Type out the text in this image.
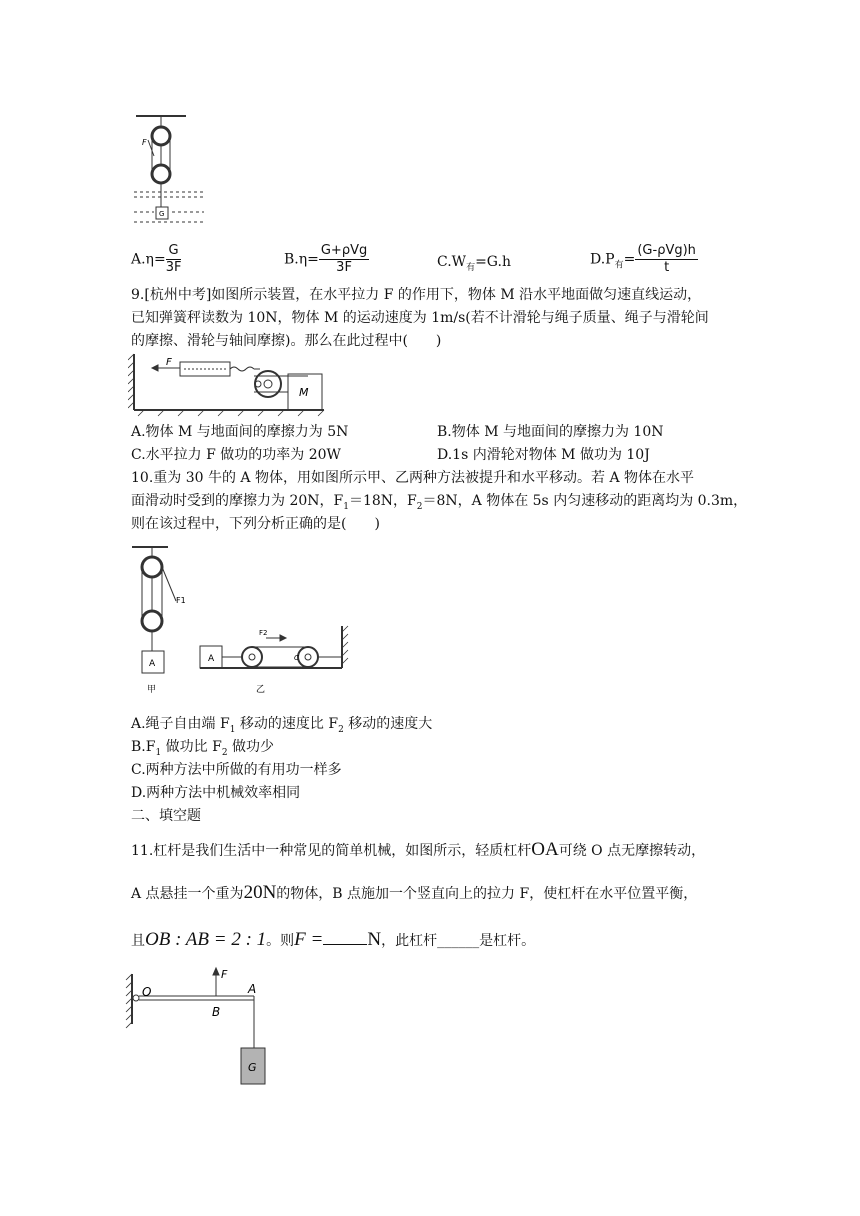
F
G
$A.\eta= \frac{G}{3F}$	$B.\eta= \frac{\text{G+ρVg}}{3F}$	$C.W_有=G.h$	$D.P_有= \frac{\text{(G-ρVg)h}}{t}$
9.[杭州中考]如图所示装置，在水平拉力 F 的作用下，物体 M 沿水平地面做匀速直线运动，
已知弹簧秤读数为 10N，物体 M 的运动速度为 1m/s(若不计滑轮与绳子质量、绳子与滑轮间
的摩擦、滑轮与轴间摩擦)。那么在此过程中(　　)
F
M
A.物体 M 与地面间的摩擦力为 5N	B.物体 M 与地面间的摩擦力为 10N
C.水平拉力 F 做功的功率为 20W	D.1s 内滑轮对物体 M 做功为 10J
10.重为 30 牛的 A 物体，用如图所示甲、乙两种方法被提升和水平移动。若 A 物体在水平
面滑动时受到的摩擦力为 20N，$F_1=18N$，$F_2=8N$，A 物体在 5s 内匀速移动的距离均为 0.3m，
则在该过程中，下列分析正确的是(　　)
F1
A
甲
A
F2
C
乙
A.绳子自由端 $F_1$ 移动的速度比 $F_2$ 移动的速度大
$B.F_1$ 做功比 $F_2$ 做功少
C.两种方法中所做的有用功一样多
D.两种方法中机械效率相同
二、填空题
11.杠杆是我们生活中一种常见的简单机械，如图所示，轻质杠杆OA可绕 O 点无摩擦转动，
A 点悬挂一个重为20N的物体，B 点施加一个竖直向上的拉力 F，使杠杆在水平位置平衡，
且OB : AB = 2 : 1。则F = N，此杠杆______是杠杆。
O
F
A
B
G
